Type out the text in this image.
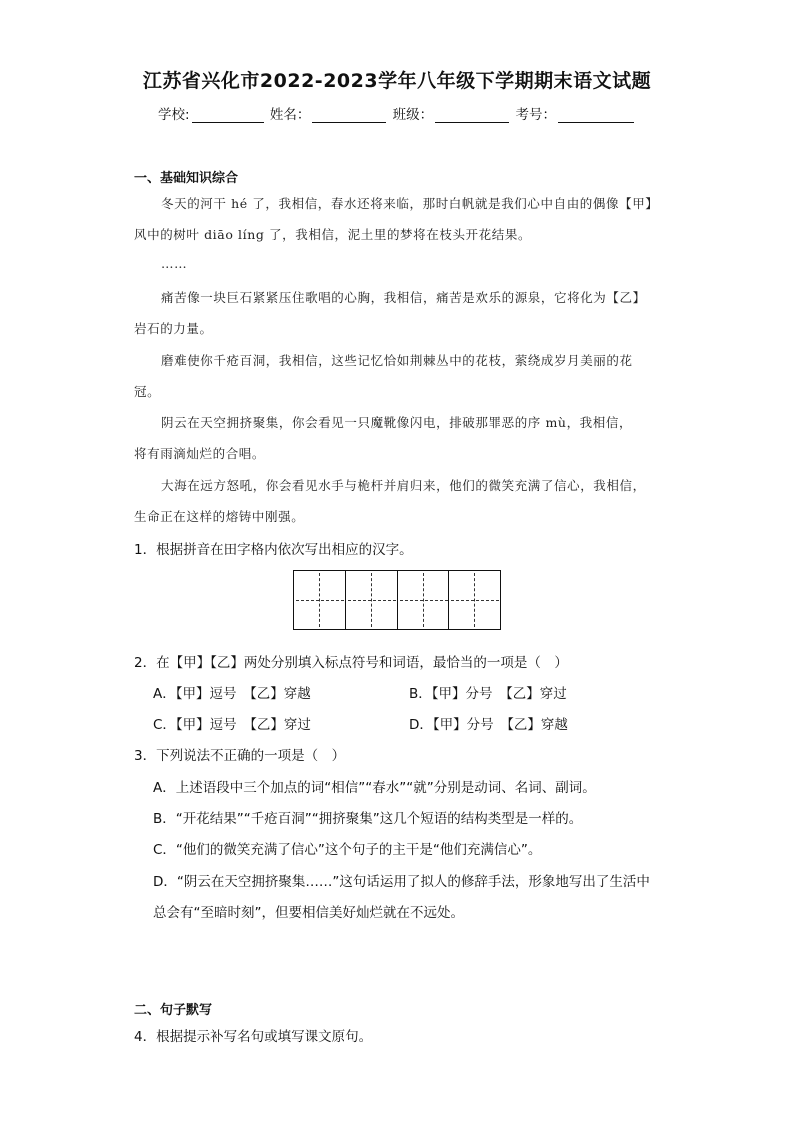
江苏省兴化市2022-2023学年八年级下学期期末语文试题
学校:	姓名：	班级：	考号：
一、基础知识综合
冬天的河干 hé 了，我相信，春水还将来临，那时白帆就是我们心中自由的偶像【甲】
风中的树叶 diāo líng 了，我相信，泥土里的梦将在枝头开花结果。
……
痛苦像一块巨石紧紧压住歌唱的心胸，我相信，痛苦是欢乐的源泉，它将化为【乙】
岩石的力量。
磨难使你千疮百洞，我相信，这些记忆恰如荆棘丛中的花枝，萦绕成岁月美丽的花
冠。
阴云在天空拥挤聚集，你会看见一只魔靴像闪电，排破那罪恶的序 mù，我相信，
将有雨滴灿烂的合唱。
大海在远方怒吼，你会看见水手与桅杆并肩归来，他们的微笑充满了信心，我相信，
生命正在这样的熔铸中刚强。
1．根据拼音在田字格内依次写出相应的汉字。
2．在【甲】【乙】两处分别填入标点符号和词语，最恰当的一项是（　）
A．【甲】逗号　【乙】穿越	B．【甲】分号　【乙】穿过
C．【甲】逗号　【乙】穿过	D．【甲】分号　【乙】穿越
3．下列说法不正确的一项是（　）
A．上述语段中三个加点的词“相信”“春水”“就”分别是动词、名词、副词。
B．“开花结果”“千疮百洞”“拥挤聚集”这几个短语的结构类型是一样的。
C．“他们的微笑充满了信心”这个句子的主干是“他们充满信心”。
D．“阴云在天空拥挤聚集……”这句话运用了拟人的修辞手法，形象地写出了生活中
总会有“至暗时刻”，但要相信美好灿烂就在不远处。
二、句子默写
4．根据提示补写名句或填写课文原句。
